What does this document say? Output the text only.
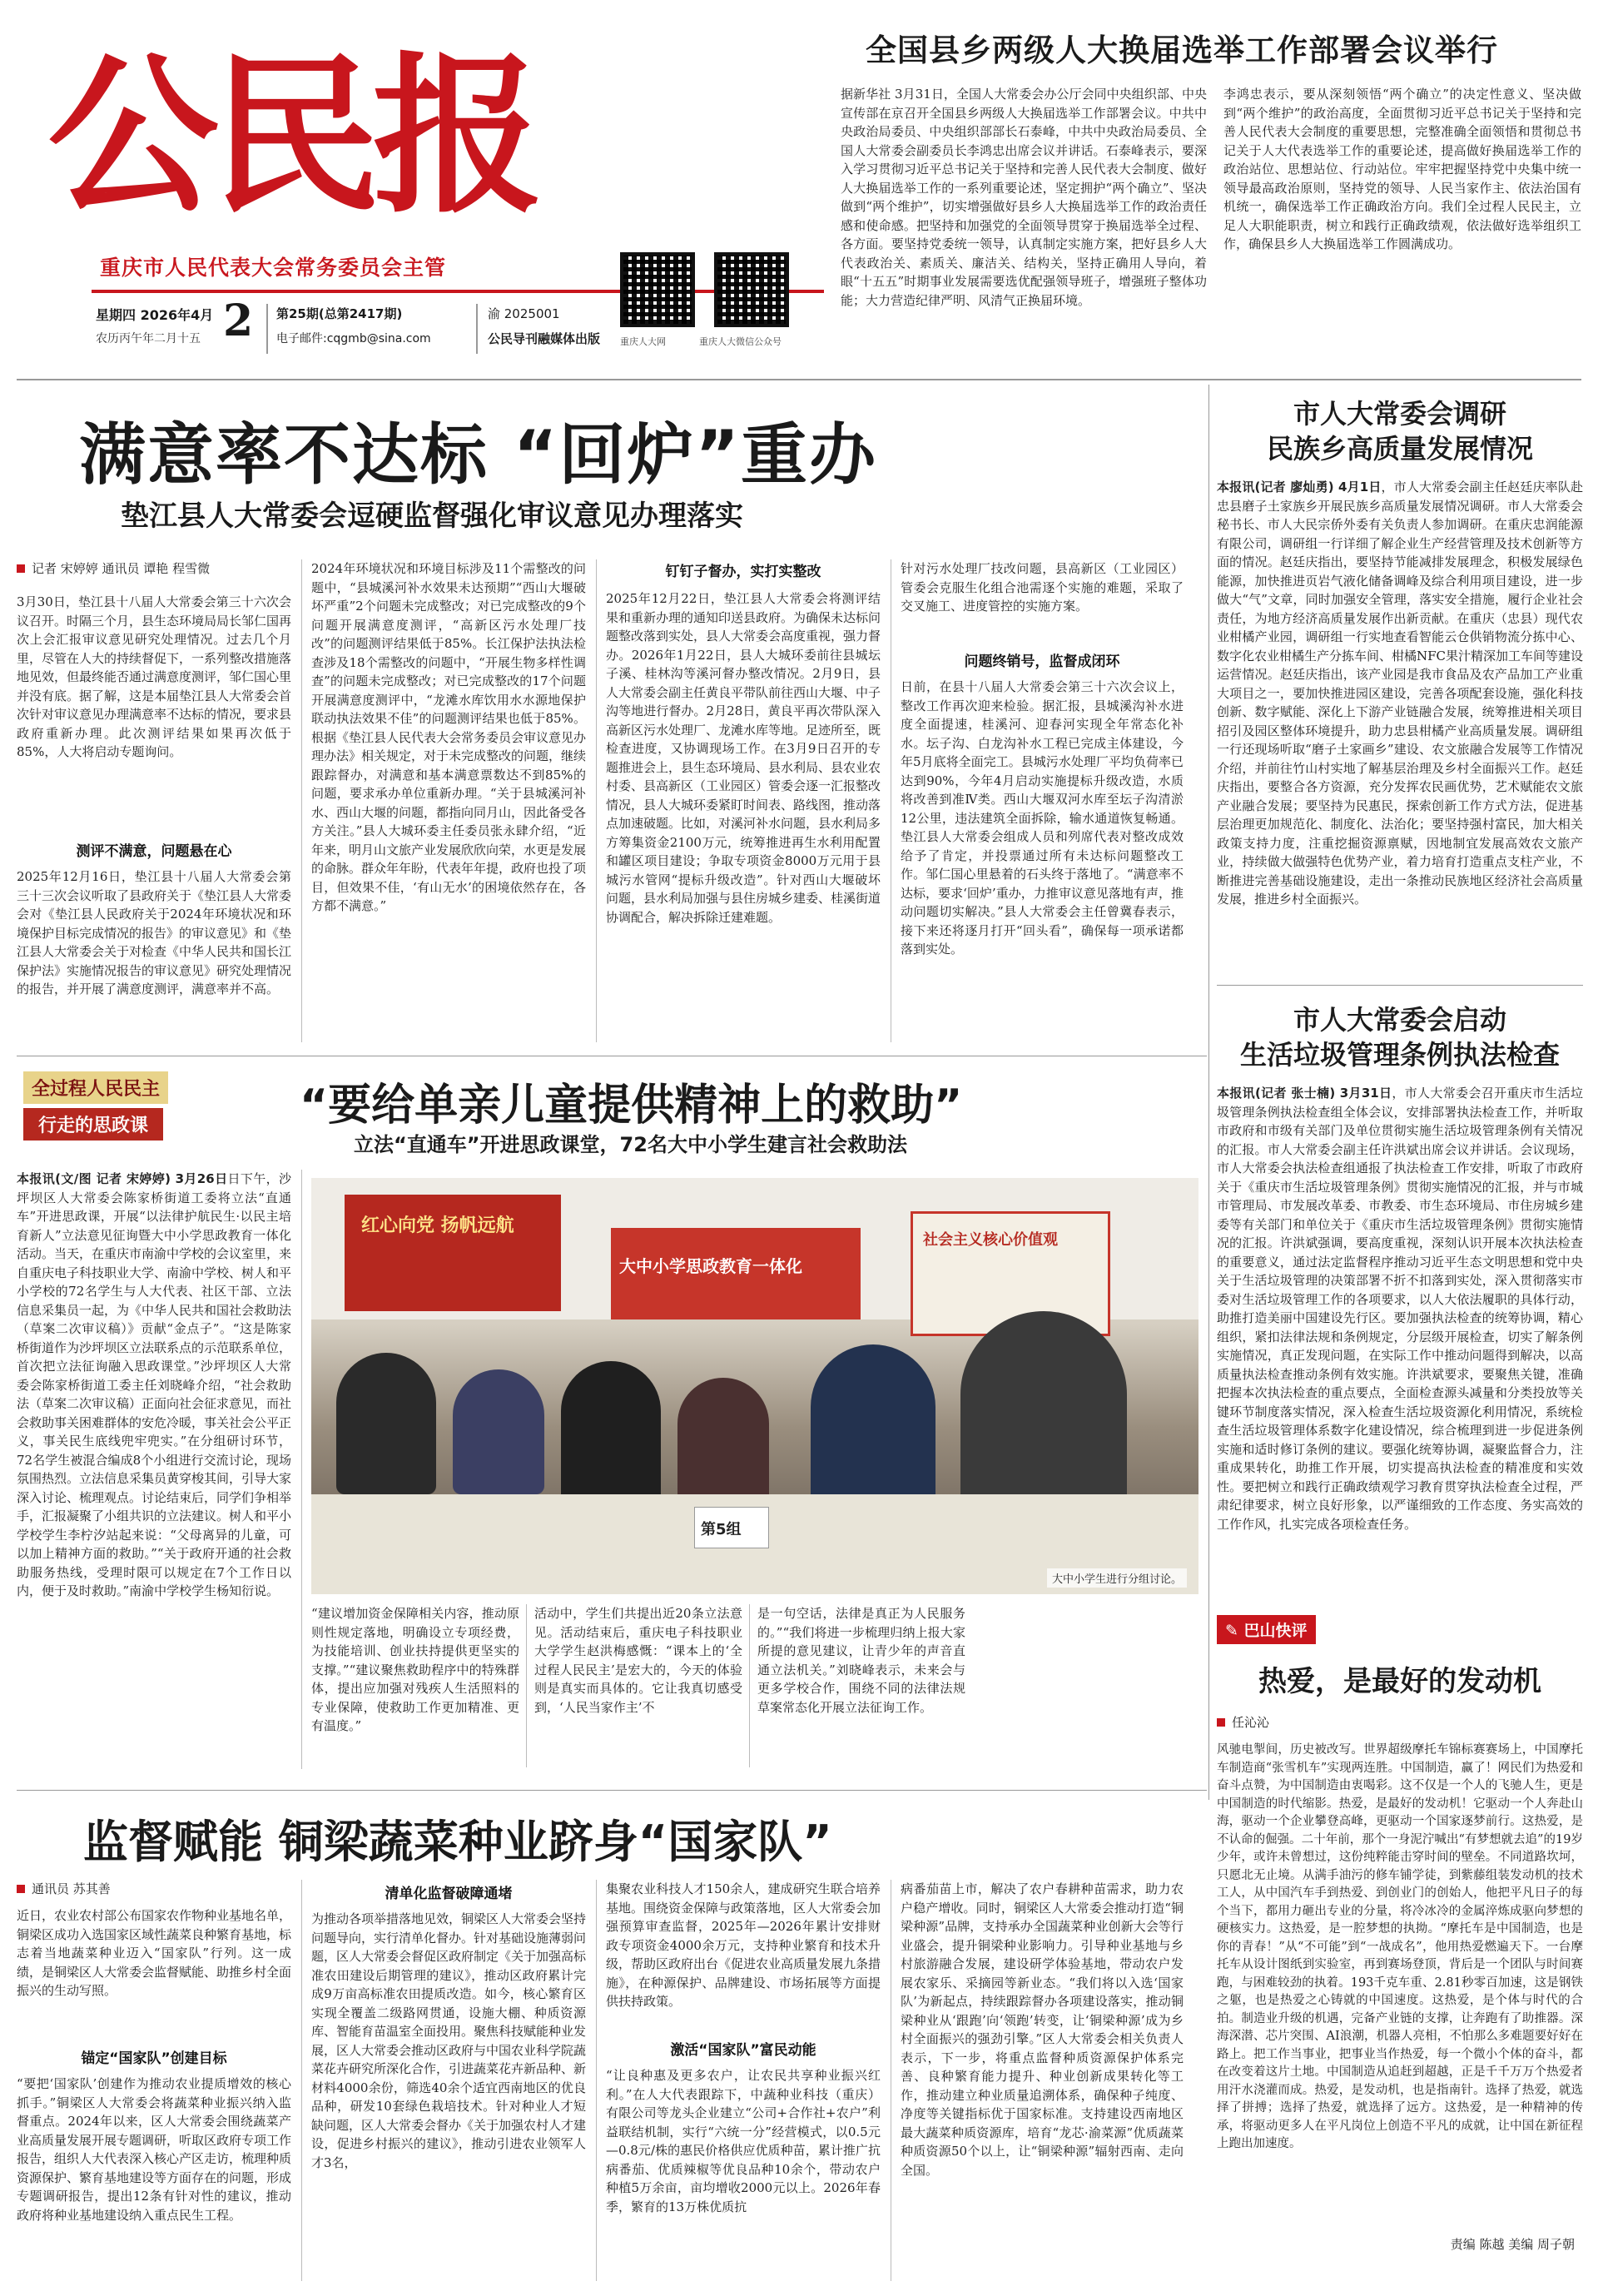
公民报
重庆市人民代表大会常务委员会主管
星期四 2026年4月
农历丙午年二月十五 2 第25期(总第2417期)
电子邮件:cqgmb@sina.com
渝 2025001
公民导刊融媒体出版 重庆人大网	重庆人大微信公众号
全国县乡两级人大换届选举工作部署会议举行
据新华社 3月31日，全国人大常委会办公厅会同中央组织部、中央宣传部在京召开全国县乡两级人大换届选举工作部署会议。中共中央政治局委员、中央组织部部长石泰峰，中共中央政治局委员、全国人大常委会副委员长李鸿忠出席会议并讲话。石泰峰表示，要深入学习贯彻习近平总书记关于坚持和完善人民代表大会制度、做好人大换届选举工作的一系列重要论述，坚定拥护“两个确立”、坚决做到“两个维护”，切实增强做好县乡人大换届选举工作的政治责任感和使命感。把坚持和加强党的全面领导贯穿于换届选举全过程、各方面。要坚持党委统一领导，认真制定实施方案，把好县乡人大代表政治关、素质关、廉洁关、结构关，坚持正确用人导向，着眼“十五五”时期事业发展需要选优配强领导班子，增强班子整体功能；大力营造纪律严明、风清气正换届环境。
李鸿忠表示，要从深刻领悟“两个确立”的决定性意义、坚决做到“两个维护”的政治高度，全面贯彻习近平总书记关于坚持和完善人民代表大会制度的重要思想，完整准确全面领悟和贯彻总书记关于人大代表选举工作的重要论述，提高做好换届选举工作的政治站位、思想站位、行动站位。牢牢把握坚持党中央集中统一领导最高政治原则，坚持党的领导、人民当家作主、依法治国有机统一，确保选举工作正确政治方向。我们全过程人民民主，立足人大职能职责，树立和践行正确政绩观，依法做好选举组织工作，确保县乡人大换届选举工作圆满成功。
满意率不达标 “回炉”重办
垫江县人大常委会逗硬监督强化审议意见办理落实
记者 宋婷婷 通讯员 谭艳 程雪微
3月30日，垫江县十八届人大常委会第三十六次会议召开。时隔三个月，县生态环境局局长邹仁国再次上会汇报审议意见研究处理情况。过去几个月里，尽管在人大的持续督促下，一系列整改措施落地见效，但最终能否通过满意度测评，邹仁国心里并没有底。据了解，这是本届垫江县人大常委会首次针对审议意见办理满意率不达标的情况，要求县政府重新办理。此次测评结果如果再次低于85%，人大将启动专题询问。
测评不满意，问题悬在心
2025年12月16日，垫江县十八届人大常委会第三十三次会议听取了县政府关于《垫江县人大常委会对《垫江县人民政府关于2024年环境状况和环境保护目标完成情况的报告》的审议意见》和《垫江县人大常委会关于对检查《中华人民共和国长江保护法》实施情况报告的审议意见》研究处理情况的报告，并开展了满意度测评，满意率并不高。
2024年环境状况和环境目标涉及11个需整改的问题中，“县城溪河补水效果未达预期”“西山大堰破坏严重”2个问题未完成整改；对已完成整改的9个问题开展满意度测评，“高新区污水处理厂技改”的问题测评结果低于85%。长江保护法执法检查涉及18个需整改的问题中，“开展生物多样性调查”的问题未完成整改；对已完成整改的17个问题开展满意度测评中，“龙滩水库饮用水水源地保护联动执法效果不佳”的问题测评结果也低于85%。根据《垫江县人民代表大会常务委员会审议意见办理办法》相关规定，对于未完成整改的问题，继续跟踪督办，对满意和基本满意票数达不到85%的问题，要求承办单位重新办理。“关于县城溪河补水、西山大堰的问题，都指向同月山，因此备受各方关注。”县人大城环委主任委员张永肆介绍，“近年来，明月山文旅产业发展欣欣向荣，水更是发展的命脉。群众年年盼，代表年年提，政府也投了项目，但效果不佳，‘有山无水’的困境依然存在，各方都不满意。”
钉钉子督办，实打实整改
2025年12月22日，垫江县人大常委会将测评结果和重新办理的通知印送县政府。为确保未达标问题整改落到实处，县人大常委会高度重视，强力督办。2026年1月22日，县人大城环委前往县城坛子溪、桂林沟等溪河督办整改情况。2月9日，县人大常委会副主任黄良平带队前往西山大堰、中子沟等地进行督办。2月28日，黄良平再次带队深入高新区污水处理厂、龙滩水库等地。足迹所至，既检查进度，又协调现场工作。在3月9日召开的专题推进会上，县生态环境局、县水利局、县农业农村委、县高新区（工业园区）管委会逐一汇报整改情况，县人大城环委紧盯时间表、路线图，推动落点加速破题。比如，对溪河补水问题，县水利局多方筹集资金2100万元，统筹推进再生水利用配置和罐区项目建设；争取专项资金8000万元用于县城污水管网“提标升级改造”。针对西山大堰破坏问题，县水利局加强与县住房城乡建委、桂溪街道协调配合，解决拆除迁建难题。
针对污水处理厂技改问题，县高新区（工业园区）管委会克服生化组合池需逐个实施的难题，采取了交叉施工、进度管控的实施方案。
问题终销号，监督成闭环
日前，在县十八届人大常委会第三十六次会议上，整改工作再次迎来检验。据汇报，县城溪沟补水进度全面提速，桂溪河、迎春河实现全年常态化补水。坛子沟、白龙沟补水工程已完成主体建设，今年5月底将全面完工。县城污水处理厂平均负荷率已达到90%，今年4月启动实施提标升级改造，水质将改善到准Ⅳ类。西山大堰双河水库至坛子沟清淤12公里，违法建筑全面拆除，输水通道恢复畅通。垫江县人大常委会组成人员和列席代表对整改成效给予了肯定，并投票通过所有未达标问题整改工作。邹仁国心里悬着的石头终于落地了。“满意率不达标，要求‘回炉’重办，力推审议意见落地有声，推动问题切实解决。”县人大常委会主任曾冀春表示，接下来还将逐月打开“回头看”，确保每一项承诺都落到实处。
市人大常委会调研
民族乡高质量发展情况
本报讯(记者 廖灿勇) 4月1日，市人大常委会副主任赵廷庆率队赴忠县磨子土家族乡开展民族乡高质量发展情况调研。市人大常委会秘书长、市人大民宗侨外委有关负责人参加调研。在重庆忠润能源有限公司，调研组一行详细了解企业生产经营管理及技术创新等方面的情况。赵廷庆指出，要坚持节能减排发展理念，积极发展绿色能源，加快推进页岩气液化储备调峰及综合利用项目建设，进一步做大“气”文章，同时加强安全管理，落实安全措施，履行企业社会责任，为地方经济高质量发展作出新贡献。在重庆（忠县）现代农业柑橘产业园，调研组一行实地查看智能云仓供销物流分拣中心、数字化农业柑橘生产分拣车间、柑橘NFC果汁精深加工车间等建设运营情况。赵廷庆指出，该产业园是我市食品及农产品加工产业重大项目之一，要加快推进园区建设，完善各项配套设施，强化科技创新、数字赋能、深化上下游产业链融合发展，统筹推进相关项目招引及园区整体环境提升，助力忠县柑橘产业高质量发展。调研组一行还现场听取“磨子土家画乡”建设、农文旅融合发展等工作情况介绍，并前往竹山村实地了解基层治理及乡村全面振兴工作。赵廷庆指出，要整合各方资源，充分发挥农民画优势，艺术赋能农文旅产业融合发展；要坚持为民惠民，探索创新工作方式方法，促进基层治理更加规范化、制度化、法治化；要坚持强村富民，加大相关政策支持力度，注重挖掘资源禀赋，因地制宜发展高效农文旅产业，持续做大做强特色优势产业，着力培育打造重点支柱产业，不断推进完善基础设施建设，走出一条推动民族地区经济社会高质量发展，推进乡村全面振兴。
市人大常委会启动
生活垃圾管理条例执法检查
本报讯(记者 张士楠) 3月31日，市人大常委会召开重庆市生活垃圾管理条例执法检查组全体会议，安排部署执法检查工作，并听取市政府和市级有关部门及单位贯彻实施生活垃圾管理条例有关情况的汇报。市人大常委会副主任许洪斌出席会议并讲话。会议现场，市人大常委会执法检查组通报了执法检查工作安排，听取了市政府关于《重庆市生活垃圾管理条例》贯彻实施情况的汇报，并与市城市管理局、市发展改革委、市教委、市生态环境局、市住房城乡建委等有关部门和单位关于《重庆市生活垃圾管理条例》贯彻实施情况的汇报。许洪斌强调，要高度重视，深刻认识开展本次执法检查的重要意义，通过法定监督程序推动习近平生态文明思想和党中央关于生活垃圾管理的决策部署不折不扣落到实处，深入贯彻落实市委对生活垃圾管理工作的各项要求，以人大依法履职的具体行动，助推打造美丽中国建设先行区。要加强执法检查的统筹协调，精心组织，紧扣法律法规和条例规定，分层级开展检查，切实了解条例实施情况，真正发现问题，在实际工作中推动问题得到解决，以高质量执法检查推动条例有效实施。许洪斌要求，要聚焦关键，准确把握本次执法检查的重点要点，全面检查源头减量和分类投放等关键环节制度落实情况，深入检查生活垃圾资源化利用情况，系统检查生活垃圾管理体系数字化建设情况，综合梳理到进一步促进条例实施和适时修订条例的建议。要强化统筹协调，凝聚监督合力，注重成果转化，助推工作开展，切实提高执法检查的精准度和实效性。要把树立和践行正确政绩观学习教育贯穿执法检查全过程，严肃纪律要求，树立良好形象，以严谨细致的工作态度、务实高效的工作作风，扎实完成各项检查任务。
全过程人民民主
行走的思政课	“要给单亲儿童提供精神上的救助”
立法“直通车”开进思政课堂，72名大中小学生建言社会救助法
本报讯(文/图 记者 宋婷婷) 3月26日日下午，沙坪坝区人大常委会陈家桥街道工委将立法“直通车”开进思政课，开展“以法律护航民生·以民主培育新人”立法意见征询暨大中小学思政教育一体化活动。当天，在重庆市南渝中学校的会议室里，来自重庆电子科技职业大学、南渝中学校、树人和平小学校的72名学生与人大代表、社区干部、立法信息采集员一起，为《中华人民共和国社会救助法（草案二次审议稿）》贡献“金点子”。“这是陈家桥街道作为沙坪坝区立法联系点的示范联系单位，首次把立法征询融入思政课堂。”沙坪坝区人大常委会陈家桥街道工委主任刘晓峰介绍，“社会救助法（草案二次审议稿）正面向社会征求意见，而社会救助事关困难群体的安危冷暖，事关社会公平正义，事关民生底线兜牢兜实。”在分组研讨环节，72名学生被混合编成8个小组进行交流讨论，现场氛围热烈。立法信息采集员黄穿梭其间，引导大家深入讨论、梳理观点。讨论结束后，同学们争相举手，汇报凝聚了小组共识的立法建议。树人和平小学校学生李柠汐站起来说：“父母离异的儿童，可以加上精神方面的救助。”“关于政府开通的社会救助服务热线，受理时限可以规定在7个工作日以内，便于及时救助。”南渝中学校学生杨知衍说。
红心向党 扬帆远航
大中小学思政教育一体化
社会主义核心价值观
第5组
大中小学生进行分组讨论。
“建议增加资金保障相关内容，推动原则性规定落地，明确设立专项经费，为技能培训、创业扶持提供更坚实的支撑。”“建议聚焦救助程序中的特殊群体，提出应加强对残疾人生活照料的专业保障，使救助工作更加精准、更有温度。”
活动中，学生们共提出近20条立法意见。活动结束后，重庆电子科技职业大学学生赵洪梅感慨：“课本上的‘全过程人民民主’是宏大的，今天的体验则是真实而具体的。它让我真切感受到，‘人民当家作主’不
是一句空话，法律是真正为人民服务的。”“我们将进一步梳理归纳上报大家所提的意见建议，让青少年的声音直通立法机关。”刘晓峰表示，未来会与更多学校合作，围绕不同的法律法规草案常态化开展立法征询工作。
✎ 巴山快评
热爱，是最好的发动机
任沁沁
风驰电掣间，历史被改写。世界超级摩托车锦标赛赛场上，中国摩托车制造商“张雪机车”实现两连胜。中国制造，赢了！网民们为热爱和奋斗点赞，为中国制造由衷喝彩。这不仅是一个人的飞驰人生，更是中国制造的时代缩影。热爱，是最好的发动机！它驱动一个人奔赴山海，驱动一个企业攀登高峰，更驱动一个国家逐梦前行。这热爱，是不认命的倔强。二十年前，那个一身泥泞喊出“有梦想就去追”的19岁少年，或许未曾想过，这份纯粹能击穿时间的壁垒。不同道路坎坷，只愿北无止境。从满手油污的修车铺学徒，到紫藤组装发动机的技术工人，从中国汽车手到热爱、到创业门的创始人，他把平凡日子的每个当下，都用力砸出专业的分量，将冷冰冷的金属淬炼成驱向梦想的硬核实力。这热爱，是一腔梦想的执拗。“摩托车是中国制造，也是你的青春！”从“不可能”到“一战成名”，他用热爱燃遍天下。一台摩托车从设计图纸到实验室，再到赛场登顶，背后是一个团队与时间赛跑，与困难较劲的执着。193千克车重、2.81秒零百加速，这是钢铁之躯，也是热爱之心铸就的中国速度。这热爱，是个体与时代的合拍。制造业升级的机遇，完备产业链的支撑，让奔跑有了助推器。深海深潜、芯片突围、AI浪潮，机器人亮相，不怕那么多难题要好好在路上。把工作当事业，把事业当作热爱，每一个微小个体的奋斗，都在改变着这片土地。中国制造从追赶到超越，正是千千万万个热爱者用汗水浇灌而成。热爱，是发动机，也是指南针。选择了热爱，就选择了拼搏；选择了热爱，就选择了远方。这热爱，是一种精神的传承，将驱动更多人在平凡岗位上创造不平凡的成就，让中国在新征程上跑出加速度。
责编 陈越 美编 周子朝
监督赋能 铜梁蔬菜种业跻身“国家队”
通讯员 苏其善
近日，农业农村部公布国家农作物种业基地名单，铜梁区成功入选国家区域性蔬菜良种繁育基地，标志着当地蔬菜种业迈入“国家队”行列。这一成绩，是铜梁区人大常委会监督赋能、助推乡村全面振兴的生动写照。
锚定“国家队”创建目标
“要把‘国家队’创建作为推动农业提质增效的核心抓手。”铜梁区人大常委会将蔬菜种业振兴纳入监督重点。2024年以来，区人大常委会围绕蔬菜产业高质量发展开展专题调研，听取区政府专项工作报告，组织人大代表深入核心产区走访，梳理种质资源保护、繁育基地建设等方面存在的问题，形成专题调研报告，提出12条有针对性的建议，推动政府将种业基地建设纳入重点民生工程。
清单化监督破障通堵
为推动各项举措落地见效，铜梁区人大常委会坚持问题导向，实行清单化督办。针对基础设施薄弱问题，区人大常委会督促区政府制定《关于加强高标准农田建设后期管理的建议》，推动区政府累计完成9万亩高标准农田提质改造。如今，核心繁育区实现全覆盖二级路网贯通，设施大棚、种质资源库、智能育苗温室全面投用。聚焦科技赋能种业发展，区人大常委会推动区政府与中国农业科学院蔬菜花卉研究所深化合作，引进蔬菜花卉新品种、新材料4000余份，筛选40余个适宜西南地区的优良品种，研发10套绿色栽培技术。针对种业人才短缺问题，区人大常委会督办《关于加强农村人才建设，促进乡村振兴的建议》，推动引进农业领军人才3名，
集聚农业科技人才150余人，建成研究生联合培养基地。围绕资金保障与政策落地，区人大常委会加强预算审查监督，2025年—2026年累计安排财政专项资金4000余万元，支持种业繁育和技术升级，帮助区政府出台《促进农业高质量发展九条措施》，在种源保护、品牌建设、市场拓展等方面提供扶持政策。
激活“国家队”富民动能
“让良种惠及更多农户，让农民共享种业振兴红利。”在人大代表跟踪下，中蔬种业科技（重庆）有限公司等龙头企业建立“公司+合作社+农户”利益联结机制，实行“六统一分”经营模式，以0.5元—0.8元/株的惠民价格供应优质种苗，累计推广抗病番茄、优质辣椒等优良品种10余个，带动农户种植5万余亩，亩均增收2000元以上。2026年春季，繁育的13万株优质抗
病番茄苗上市，解决了农户春耕种苗需求，助力农户稳产增收。同时，铜梁区人大常委会推动打造“铜梁种源”品牌，支持承办全国蔬菜种业创新大会等行业盛会，提升铜梁种业影响力。引导种业基地与乡村旅游融合发展，建设研学体验基地，带动农户发展农家乐、采摘园等新业态。“我们将以入选‘国家队’为新起点，持续跟踪督办各项建设落实，推动铜梁种业从‘跟跑’向‘领跑’转变，让‘铜梁种源’成为乡村全面振兴的强劲引擎。”区人大常委会相关负责人表示，下一步，将重点监督种质资源保护体系完善、良种繁育能力提升、种业创新成果转化等工作，推动建立种业质量追溯体系，确保种子纯度、净度等关键指标优于国家标准。支持建设西南地区最大蔬菜种质资源库，培育“龙芯·渝菜源”优质蔬菜种质资源50个以上，让“铜梁种源”辐射西南、走向全国。
